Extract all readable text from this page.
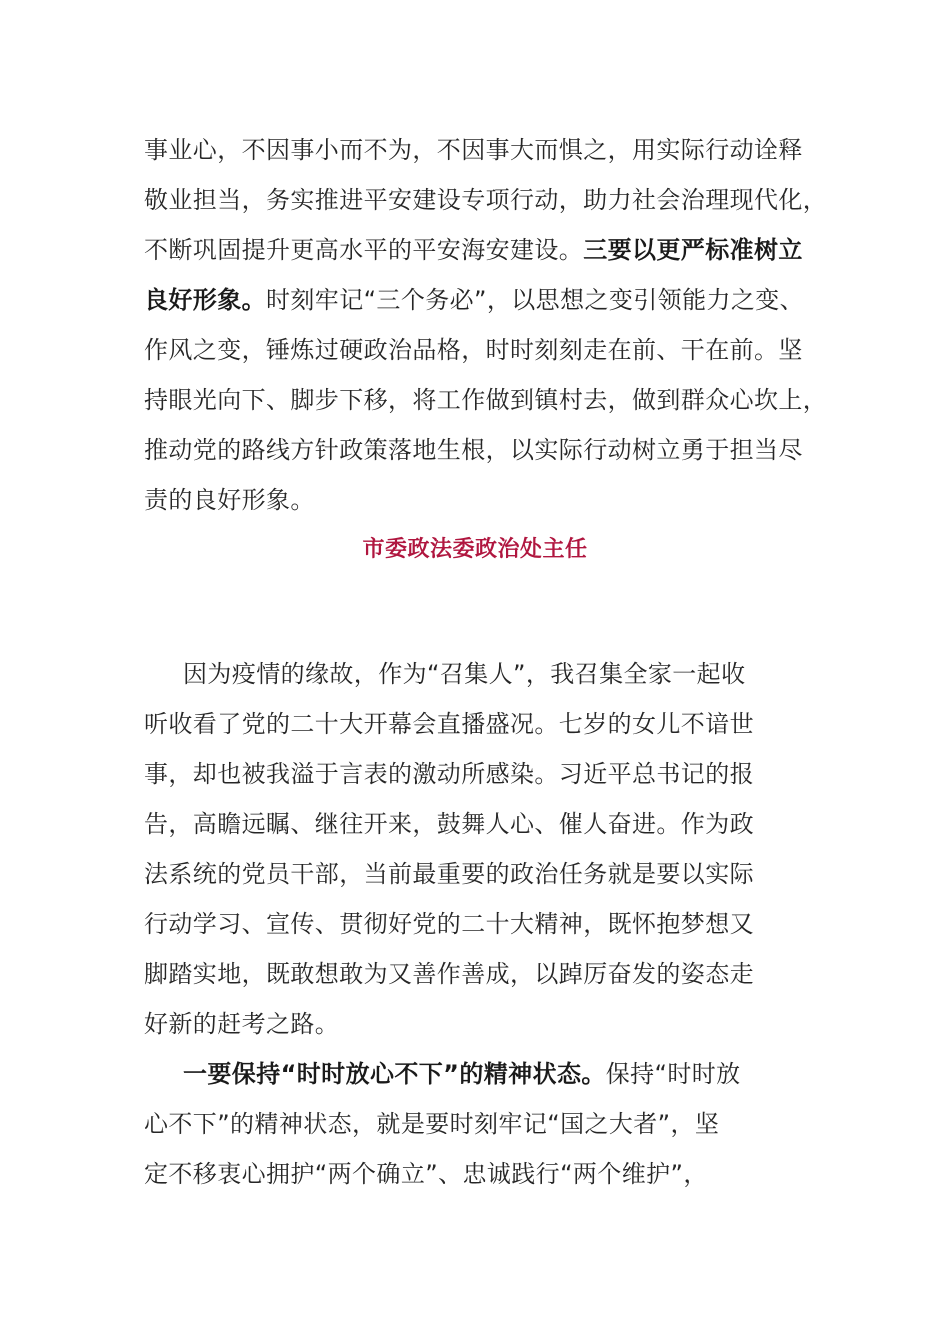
事业心，不因事小而不为，不因事大而惧之，用实际行动诠释
敬业担当，务实推进平安建设专项行动，助力社会治理现代化，
不断巩固提升更高水平的平安海安建设。三要以更严标准树立
良好形象。时刻牢记“三个务必”，以思想之变引领能力之变、
作风之变，锤炼过硬政治品格，时时刻刻走在前、干在前。坚
持眼光向下、脚步下移，将工作做到镇村去，做到群众心坎上，
推动党的路线方针政策落地生根，以实际行动树立勇于担当尽
责的良好形象。
市委政法委政治处主任
因为疫情的缘故，作为“召集人”，我召集全家一起收
听收看了党的二十大开幕会直播盛况。七岁的女儿不谙世
事，却也被我溢于言表的激动所感染。习近平总书记的报
告，高瞻远瞩、继往开来，鼓舞人心、催人奋进。作为政
法系统的党员干部，当前最重要的政治任务就是要以实际
行动学习、宣传、贯彻好党的二十大精神，既怀抱梦想又
脚踏实地，既敢想敢为又善作善成，以踔厉奋发的姿态走
好新的赶考之路。
一要保持“时时放心不下”的精神状态。保持“时时放
心不下”的精神状态，就是要时刻牢记“国之大者”，坚
定不移衷心拥护“两个确立”、忠诚践行“两个维护”，
